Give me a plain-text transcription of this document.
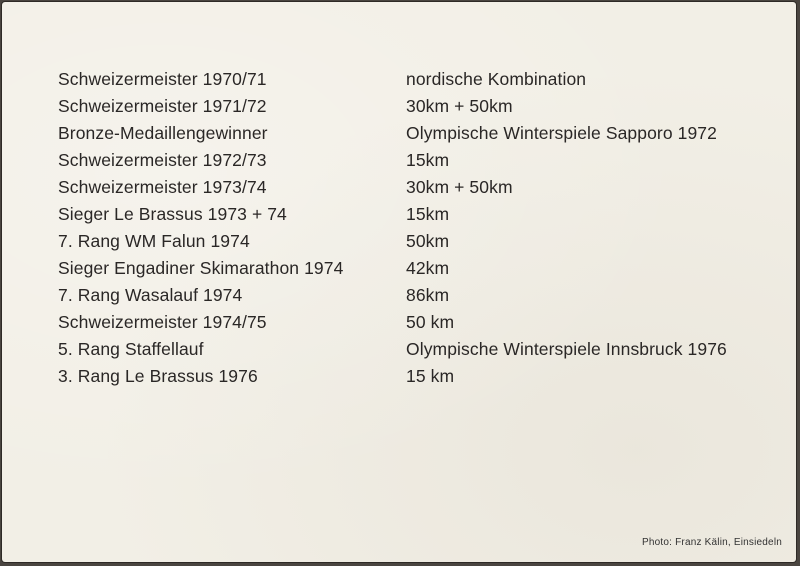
Schweizermeister 1970/71	nordische Kombination
Schweizermeister 1971/72	30km + 50km
Bronze-Medaillengewinner	Olympische Winterspiele Sapporo 1972
Schweizermeister 1972/73	15km
Schweizermeister 1973/74	30km + 50km
Sieger Le Brassus 1973 + 74	15km
7. Rang WM Falun 1974	50km
Sieger Engadiner Skimarathon 1974	42km
7. Rang Wasalauf 1974	86km
Schweizermeister 1974/75	50 km
5. Rang Staffellauf	Olympische Winterspiele Innsbruck 1976
3. Rang Le Brassus 1976	15 km
Photo: Franz Kälin, Einsiedeln
